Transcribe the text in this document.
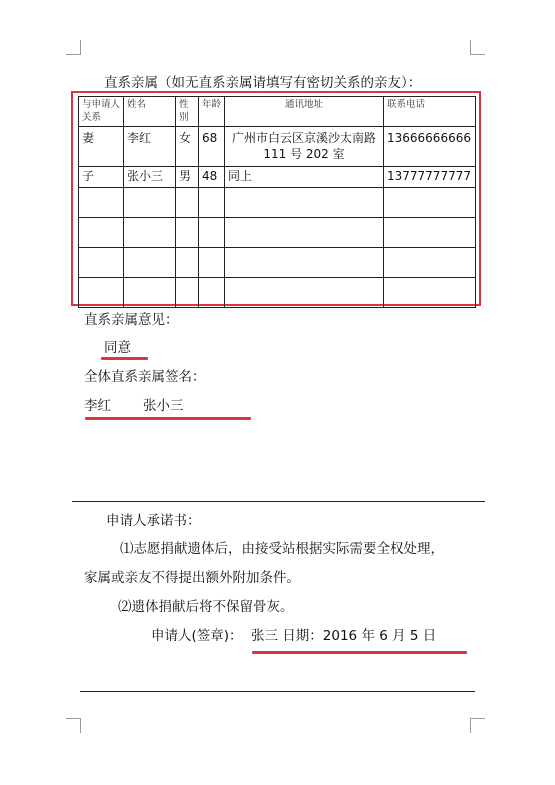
直系亲属（如无直系亲属请填写有密切关系的亲友）：
与申请人关系	姓名	性别	年龄	通讯地址	联系电话
妻	李红	女	68	广州市白云区京溪沙太南路 111 号 202 室	13666666666
子	张小三	男	48	同上	13777777777

直系亲属意见：
同意
全体直系亲属签名：
李红 张小三
申请人承诺书：
⑴志愿捐献遗体后，由接受站根据实际需要全权处理，
家属或亲友不得提出额外附加条件。
⑵遗体捐献后将不保留骨灰。
申请人(签章)： 张三 日期：2016 年 6 月 5 日
